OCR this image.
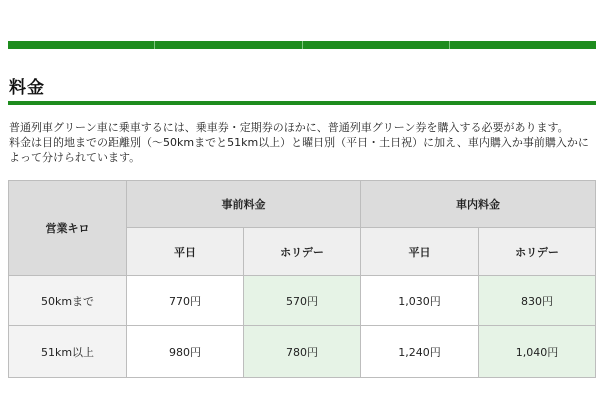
料金

普通列車グリーン車に乗車するには、乗車券・定期券のほかに、普通列車グリーン券を購入する必要があります。

料金は目的地までの距離別（～50kmまでと51km以上）と曜日別（平日・土日祝）に加え、車内購入か事前購入かによって分けられています。

営業キロ	事前料金		車内料金	
	平日	ホリデー	平日	ホリデー
50kmまで	770円	570円	1,030円	830円
51km以上	980円	780円	1,240円	1,040円
